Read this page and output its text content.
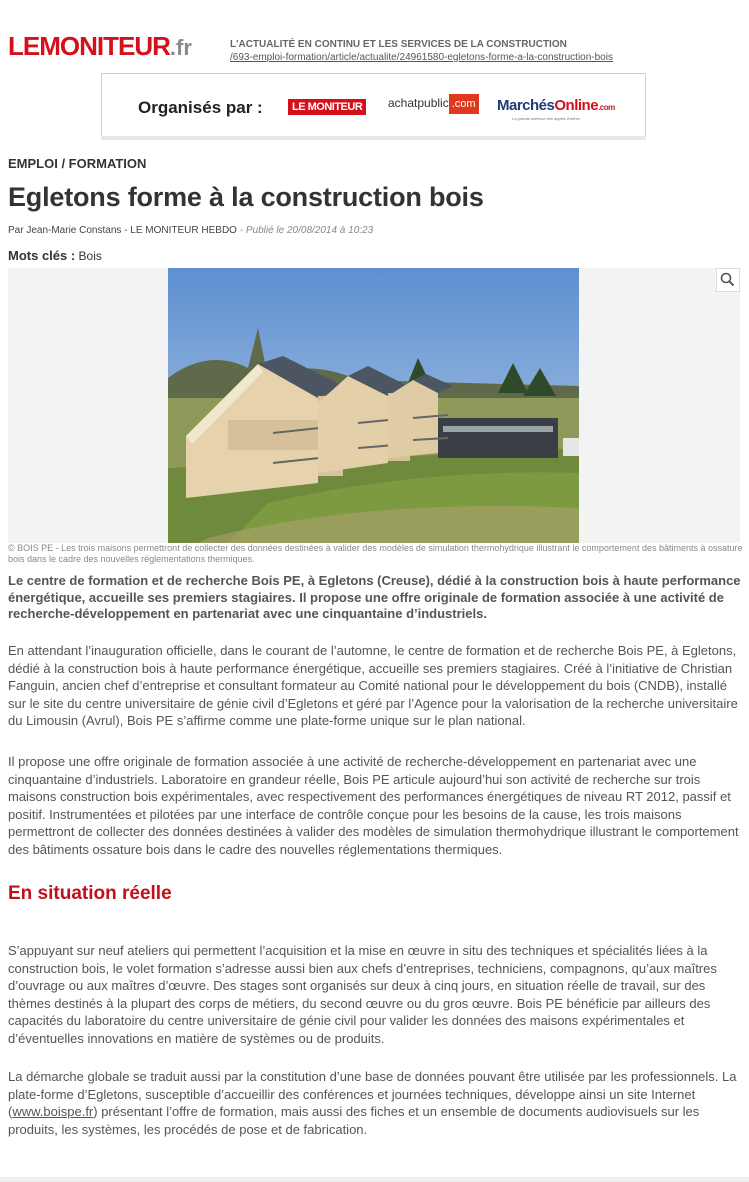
LEMONITEUR.fr	L'ACTUALITÉ EN CONTINU ET LES SERVICES DE LA CONSTRUCTION
/693-emploi-formation/article/actualite/24961580-egletons-forme-a-la-construction-bois
Organisés par :	LE MONITEUR	achatpublic .com MarchésOnline.com
La grande adresse des appels d'offres
EMPLOI / FORMATION
Egletons forme à la construction bois
Par Jean-Marie Constans - LE MONITEUR HEBDO - Publié le 20/08/2014 à 10:23
Mots clés : Bois
© BOIS PE - Les trois maisons permettront de collecter des données destinées à valider des modèles de simulation thermohydrique illustrant le comportement des bâtiments à ossature bois dans le cadre des nouvelles réglementations thermiques.
Le centre de formation et de recherche Bois PE, à Egletons (Creuse), dédié à la construction bois à haute performance énergétique, accueille ses premiers stagiaires. Il propose une offre originale de formation associée à une activité de recherche-développement en partenariat avec une cinquantaine d’industriels.
En attendant l’inauguration officielle, dans le courant de l’automne, le centre de formation et de recherche Bois PE, à Egletons, dédié à la construction bois à haute performance énergétique, accueille ses premiers stagiaires. Créé à l’initiative de Christian Fanguin, ancien chef d’entreprise et consultant formateur au Comité national pour le développement du bois (CNDB), installé sur le site du centre universitaire de génie civil d’Egletons et géré par l’Agence pour la valorisation de la recherche universitaire du Limousin (Avrul), Bois PE s’affirme comme une plate-forme unique sur le plan national.
Il propose une offre originale de formation associée à une activité de recherche-développement en partenariat avec une cinquantaine d’industriels. Laboratoire en grandeur réelle, Bois PE articule aujourd’hui son activité de recherche sur trois maisons construction bois expérimentales, avec respectivement des performances énergétiques de niveau RT 2012, passif et positif. Instrumentées et pilotées par une interface de contrôle conçue pour les besoins de la cause, les trois maisons permettront de collecter des données destinées à valider des modèles de simulation thermohydrique illustrant le comportement des bâtiments ossature bois dans le cadre des nouvelles réglementations thermiques.
En situation réelle
S’appuyant sur neuf ateliers qui permettent l’acquisition et la mise en œuvre in situ des techniques et spécialités liées à la construction bois, le volet formation s’adresse aussi bien aux chefs d’entreprises, techniciens, compagnons, qu’aux maîtres d’ouvrage ou aux maîtres d’œuvre. Des stages sont organisés sur deux à cinq jours, en situation réelle de travail, sur des thèmes destinés à la plupart des corps de métiers, du second œuvre ou du gros œuvre. Bois PE bénéficie par ailleurs des capacités du laboratoire du centre universitaire de génie civil pour valider les données des maisons expérimentales et d’éventuelles innovations en matière de systèmes ou de produits.
La démarche globale se traduit aussi par la constitution d’une base de données pouvant être utilisée par les professionnels. La plate-forme d’Egletons, susceptible d’accueillir des conférences et journées techniques, développe ainsi un site Internet (www.boispe.fr) présentant l’offre de formation, mais aussi des fiches et un ensemble de documents audiovisuels sur les produits, les systèmes, les procédés de pose et de fabrication.
